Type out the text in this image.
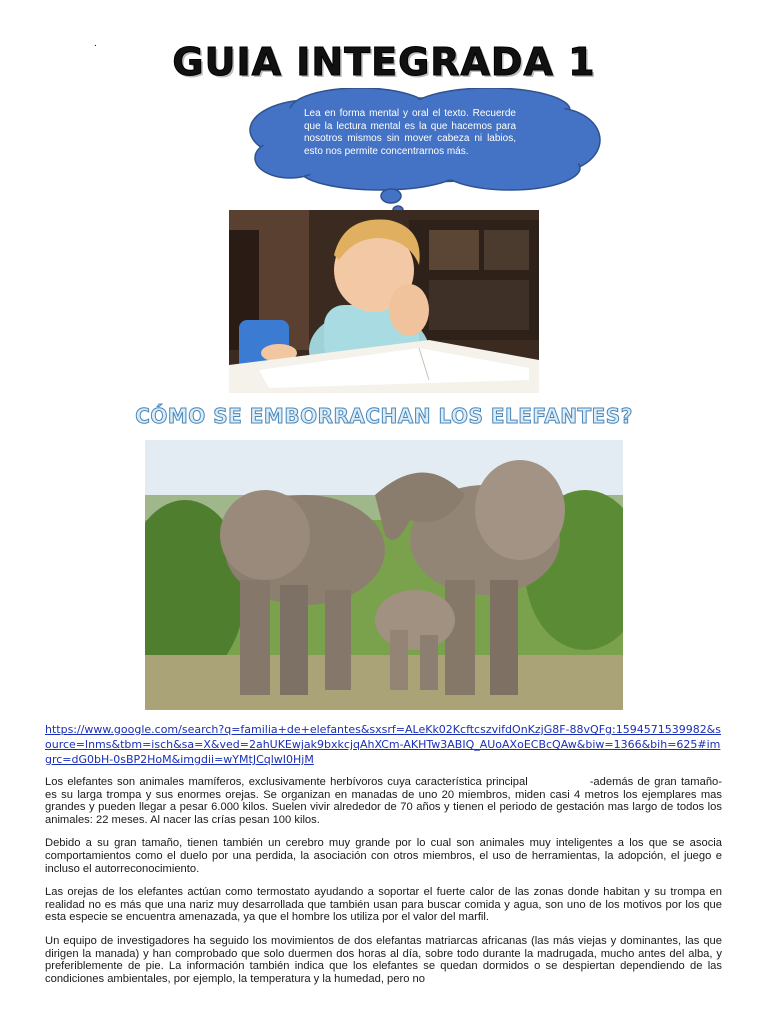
.	GUIA INTEGRADA 1
Lea en forma mental y oral el texto. Recuerde que la lectura mental es la que hacemos para nosotros mismos sin mover cabeza ni labios, esto nos permite concentrarnos más.
CÓMO SE EMBORRACHAN LOS ELEFANTES?
https://www.google.com/search?q=familia+de+elefantes&sxsrf=ALeKk02KcftcszvifdOnKzjG8F-88vQFg:1594571539982&source=lnms&tbm=isch&sa=X&ved=2ahUKEwjak9bxkcjqAhXCm-AKHTw3ABIQ_AUoAXoECBcQAw&biw=1366&bih=625#imgrc=dG0bH-0sBP2HoM&imgdii=wYMtJCqlwI0HjM

Los elefantes son animales mamíferos, exclusivamente herbívoros cuya característica principal	-además de gran tamaño- es su larga trompa y sus enormes orejas. Se organizan en manadas de uno 20 miembros, miden casi 4 metros los ejemplares mas grandes y pueden llegar a pesar 6.000 kilos. Suelen vivir alrededor de 70 años y tienen el periodo de gestación mas largo de todos los animales: 22 meses. Al nacer las crías pesan 100 kilos.

Debido a su gran tamaño, tienen también un cerebro muy grande por lo cual son animales muy inteligentes a los que se asocia comportamientos como el duelo por una perdida, la asociación con otros miembros, el uso de herramientas, la adopción, el juego e incluso el autorreconocimiento.

Las orejas de los elefantes actúan como termostato ayudando a soportar el fuerte calor de las zonas donde habitan y su trompa en realidad no es más que una nariz muy desarrollada que también usan para buscar comida y agua, son uno de los motivos por los que esta especie se encuentra amenazada, ya que el hombre los utiliza por el valor del marfil.

Un equipo de investigadores ha seguido los movimientos de dos elefantas matriarcas africanas (las más viejas y dominantes, las que dirigen la manada) y han comprobado que solo duermen dos horas al día, sobre todo durante la madrugada, mucho antes del alba, y preferiblemente de pie. La información también indica que los elefantes se quedan dormidos o se despiertan dependiendo de las condiciones ambientales, por ejemplo, la temperatura y la humedad, pero no
